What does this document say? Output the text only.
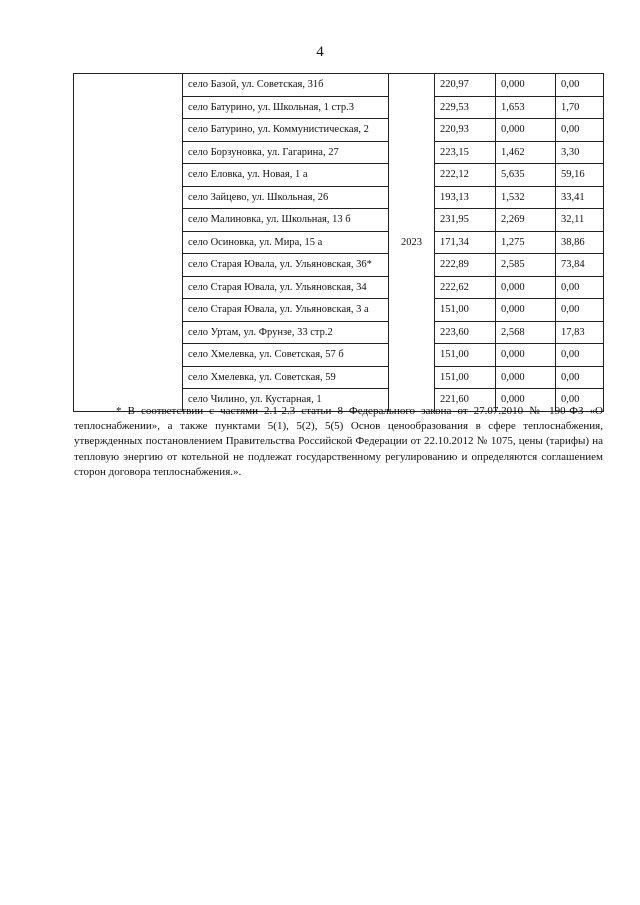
4
	село Базой, ул. Советская, 31б	2023	220,97	0,000	0,00
	село Батурино, ул. Школьная, 1 стр.3		229,53	1,653	1,70
	село Батурино, ул. Коммунистическая, 2		220,93	0,000	0,00
	село Борзуновка, ул. Гагарина, 27		223,15	1,462	3,30
	село Еловка, ул. Новая, 1 а		222,12	5,635	59,16
	село Зайцево, ул. Школьная, 26		193,13	1,532	33,41
	село Малиновка, ул. Школьная, 13 б		231,95	2,269	32,11
	село Осиновка, ул. Мира, 15 а		171,34	1,275	38,86
	село Старая Ювала, ул. Ульяновская, 36*		222,89	2,585	73,84
	село Старая Ювала, ул. Ульяновская, 34		222,62	0,000	0,00
	село Старая Ювала, ул. Ульяновская, 3 а		151,00	0,000	0,00
	село Уртам, ул. Фрунзе, 33 стр.2		223,60	2,568	17,83
	село Хмелевка, ул. Советская, 57 б		151,00	0,000	0,00
	село Хмелевка, ул. Советская, 59		151,00	0,000	0,00
	село Чилино, ул. Кустарная, 1		221,60	0,000	0,00
* В соответствии с частями 2.1-2.3 статьи 8 Федерального закона от 27.07.2010 № 190-ФЗ «О теплоснабжении», а также пунктами 5(1), 5(2), 5(5) Основ ценообразования в сфере теплоснабжения, утвержденных постановлением Правительства Российской Федерации от 22.10.2012 № 1075, цены (тарифы) на тепловую энергию от котельной не подлежат государственному регулированию и определяются соглашением сторон договора теплоснабжения.».
